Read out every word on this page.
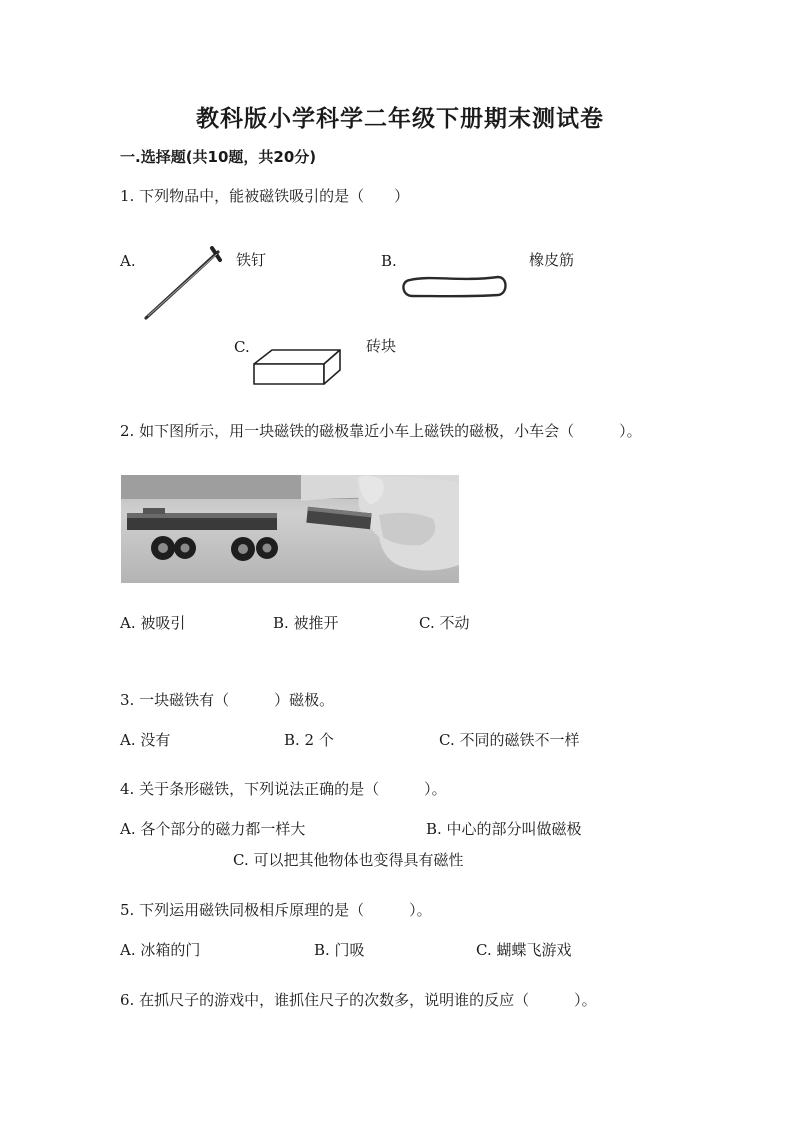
教科版小学科学二年级下册期末测试卷
一.选择题(共10题，共20分)
1. 下列物品中，能被磁铁吸引的是（　　）
A.	铁钉	B.	橡皮筋
C.	砖块
2. 如下图所示，用一块磁铁的磁极靠近小车上磁铁的磁极，小车会（　　　）。
A. 被吸引	B. 被推开	C. 不动
3. 一块磁铁有（　　　）磁极。
A. 没有	B. 2 个	C. 不同的磁铁不一样
4. 关于条形磁铁，下列说法正确的是（　　　）。
A. 各个部分的磁力都一样大	B. 中心的部分叫做磁极
C. 可以把其他物体也变得具有磁性
5. 下列运用磁铁同极相斥原理的是（　　　）。
A. 冰箱的门	B. 门吸	C. 蝴蝶飞游戏
6. 在抓尺子的游戏中，谁抓住尺子的次数多，说明谁的反应（　　　）。
